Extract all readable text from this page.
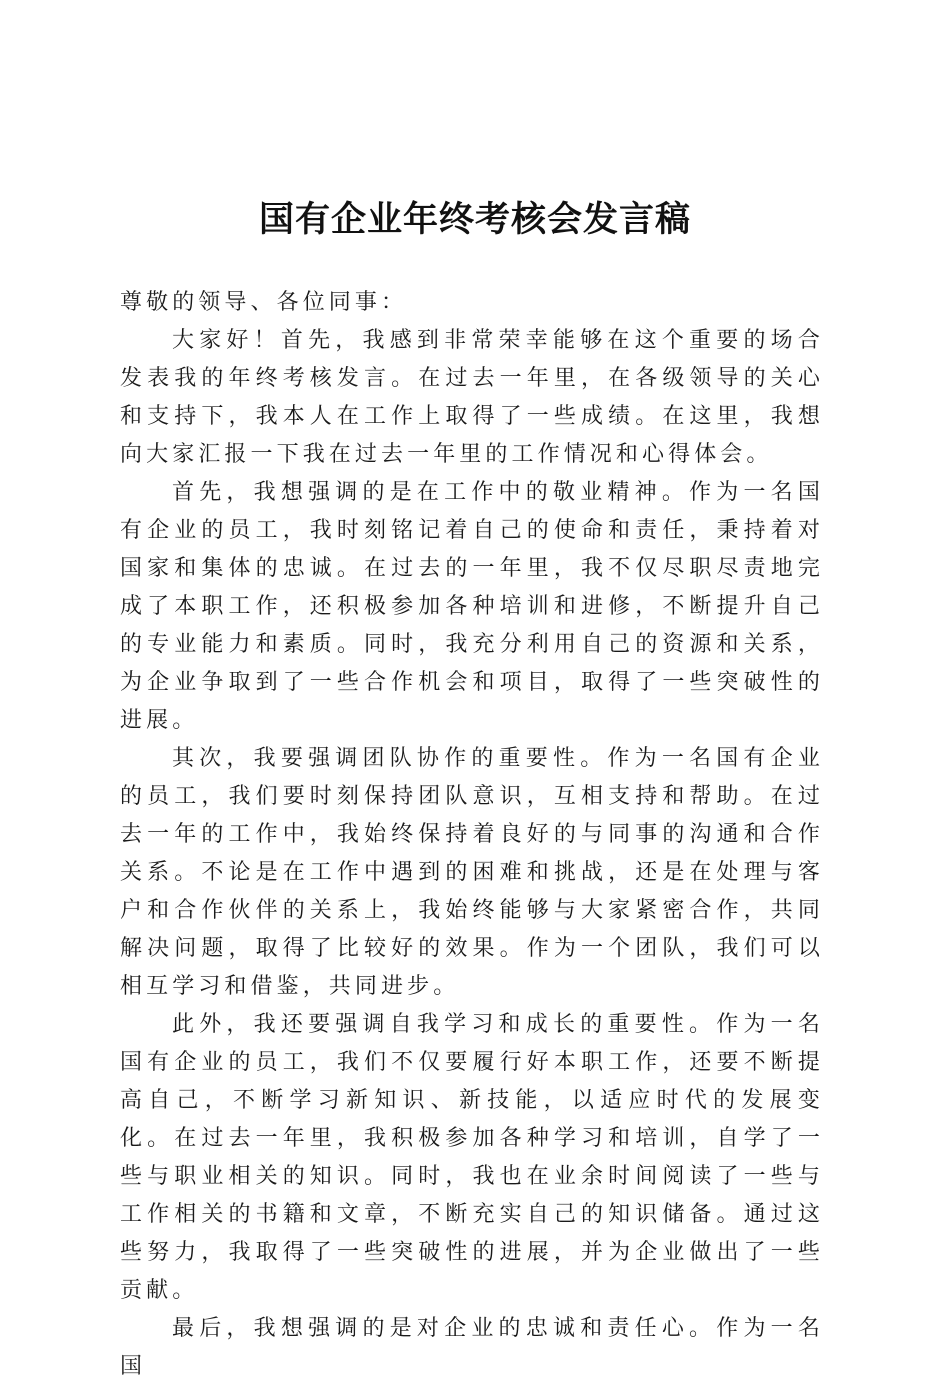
国有企业年终考核会发言稿

尊敬的领导、各位同事：

大家好！首先，我感到非常荣幸能够在这个重要的场合发表我的年终考核发言。在过去一年里，在各级领导的关心和支持下，我本人在工作上取得了一些成绩。在这里，我想向大家汇报一下我在过去一年里的工作情况和心得体会。

首先，我想强调的是在工作中的敬业精神。作为一名国有企业的员工，我时刻铭记着自己的使命和责任，秉持着对国家和集体的忠诚。在过去的一年里，我不仅尽职尽责地完成了本职工作，还积极参加各种培训和进修，不断提升自己的专业能力和素质。同时，我充分利用自己的资源和关系，为企业争取到了一些合作机会和项目，取得了一些突破性的进展。

其次，我要强调团队协作的重要性。作为一名国有企业的员工，我们要时刻保持团队意识，互相支持和帮助。在过去一年的工作中，我始终保持着良好的与同事的沟通和合作关系。不论是在工作中遇到的困难和挑战，还是在处理与客户和合作伙伴的关系上，我始终能够与大家紧密合作，共同解决问题，取得了比较好的效果。作为一个团队，我们可以相互学习和借鉴，共同进步。

此外，我还要强调自我学习和成长的重要性。作为一名国有企业的员工，我们不仅要履行好本职工作，还要不断提高自己，不断学习新知识、新技能，以适应时代的发展变化。在过去一年里，我积极参加各种学习和培训，自学了一些与职业相关的知识。同时，我也在业余时间阅读了一些与工作相关的书籍和文章，不断充实自己的知识储备。通过这些努力，我取得了一些突破性的进展，并为企业做出了一些贡献。

最后，我想强调的是对企业的忠诚和责任心。作为一名国
